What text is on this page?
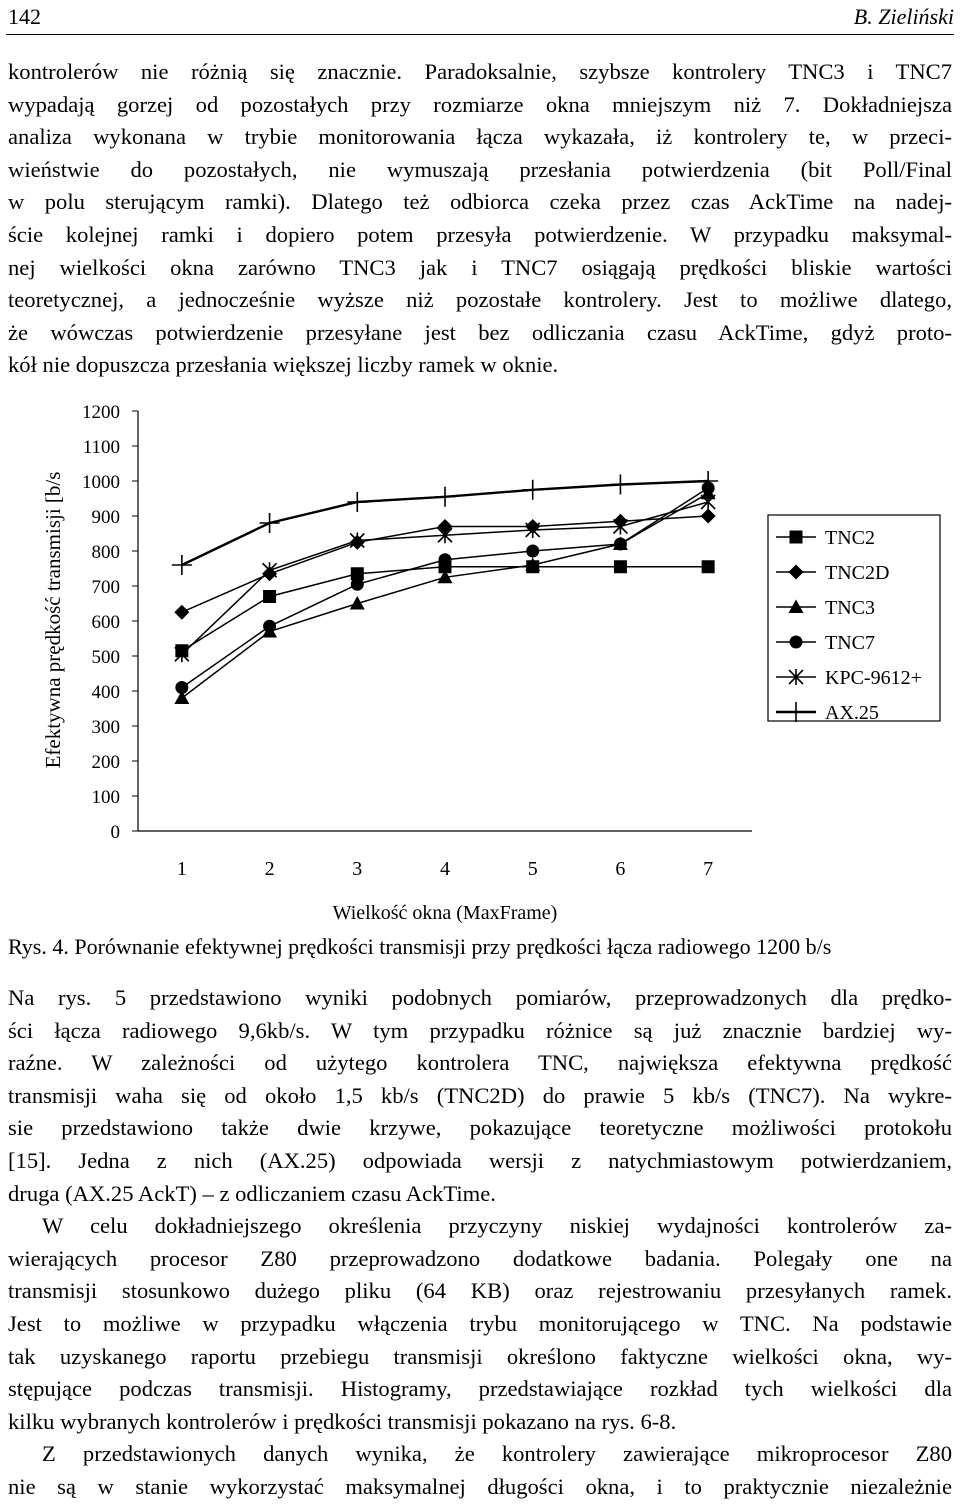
142	B. Zieliński
kontrolerów nie różnią się znacznie. Paradoksalnie, szybsze kontrolery TNC3 i TNC7
wypadają gorzej od pozostałych przy rozmiarze okna mniejszym niż 7. Dokładniejsza
analiza wykonana w trybie monitorowania łącza wykazała, iż kontrolery te, w przeci-
wieństwie do pozostałych, nie wymuszają przesłania potwierdzenia (bit Poll/Final
w polu sterującym ramki). Dlatego też odbiorca czeka przez czas AckTime na nadej-
ście kolejnej ramki i dopiero potem przesyła potwierdzenie. W przypadku maksymal-
nej wielkości okna zarówno TNC3 jak i TNC7 osiągają prędkości bliskie wartości
teoretycznej, a jednocześnie wyższe niż pozostałe kontrolery. Jest to możliwe dlatego,
że wówczas potwierdzenie przesyłane jest bez odliczania czasu AckTime, gdyż proto-
kół nie dopuszcza przesłania większej liczby ramek w oknie.
Efektywna prędkość transmisji [b/s
Wielkość okna (MaxFrame)
0
100
200
300
400
500
600
700
800
900
1000
1100
1200
1	2	3	4	5	6	7
TNC2
TNC2D
TNC3
TNC7
KPC-9612+
AX.25
Rys. 4. Porównanie efektywnej prędkości transmisji przy prędkości łącza radiowego 1200 b/s
Na rys. 5 przedstawiono wyniki podobnych pomiarów, przeprowadzonych dla prędko-
ści łącza radiowego 9,6kb/s. W tym przypadku różnice są już znacznie bardziej wy-
raźne. W zależności od użytego kontrolera TNC, największa efektywna prędkość
transmisji waha się od około 1,5 kb/s (TNC2D) do prawie 5 kb/s (TNC7). Na wykre-
sie przedstawiono także dwie krzywe, pokazujące teoretyczne możliwości protokołu
[15]. Jedna z nich (AX.25) odpowiada wersji z natychmiastowym potwierdzaniem,
druga (AX.25 AckT) – z odliczaniem czasu AckTime.
W celu dokładniejszego określenia przyczyny niskiej wydajności kontrolerów za-
wierających procesor Z80 przeprowadzono dodatkowe badania. Polegały one na
transmisji stosunkowo dużego pliku (64 KB) oraz rejestrowaniu przesyłanych ramek.
Jest to możliwe w przypadku włączenia trybu monitorującego w TNC. Na podstawie
tak uzyskanego raportu przebiegu transmisji określono faktyczne wielkości okna, wy-
stępujące podczas transmisji. Histogramy, przedstawiające rozkład tych wielkości dla
kilku wybranych kontrolerów i prędkości transmisji pokazano na rys. 6-8.
Z przedstawionych danych wynika, że kontrolery zawierające mikroprocesor Z80
nie są w stanie wykorzystać maksymalnej długości okna, i to praktycznie niezależnie
